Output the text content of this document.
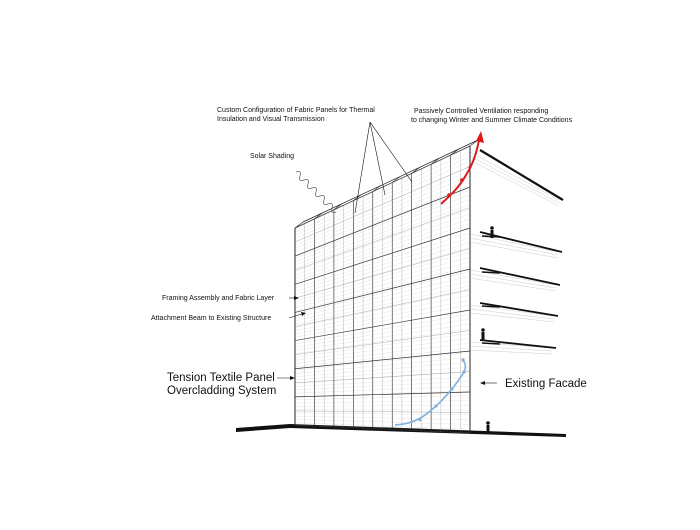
Custom Configuration of Fabric Panels for Thermal
Insulation and Visual Transmission
Passively Controlled Ventilation responding
to changing Winter and Summer Climate Conditions
Solar Shading
Framing Assembly and Fabric Layer
Attachment Beam to Existing Structure
Tension Textile Panel
Overcladding System
Existing Facade
